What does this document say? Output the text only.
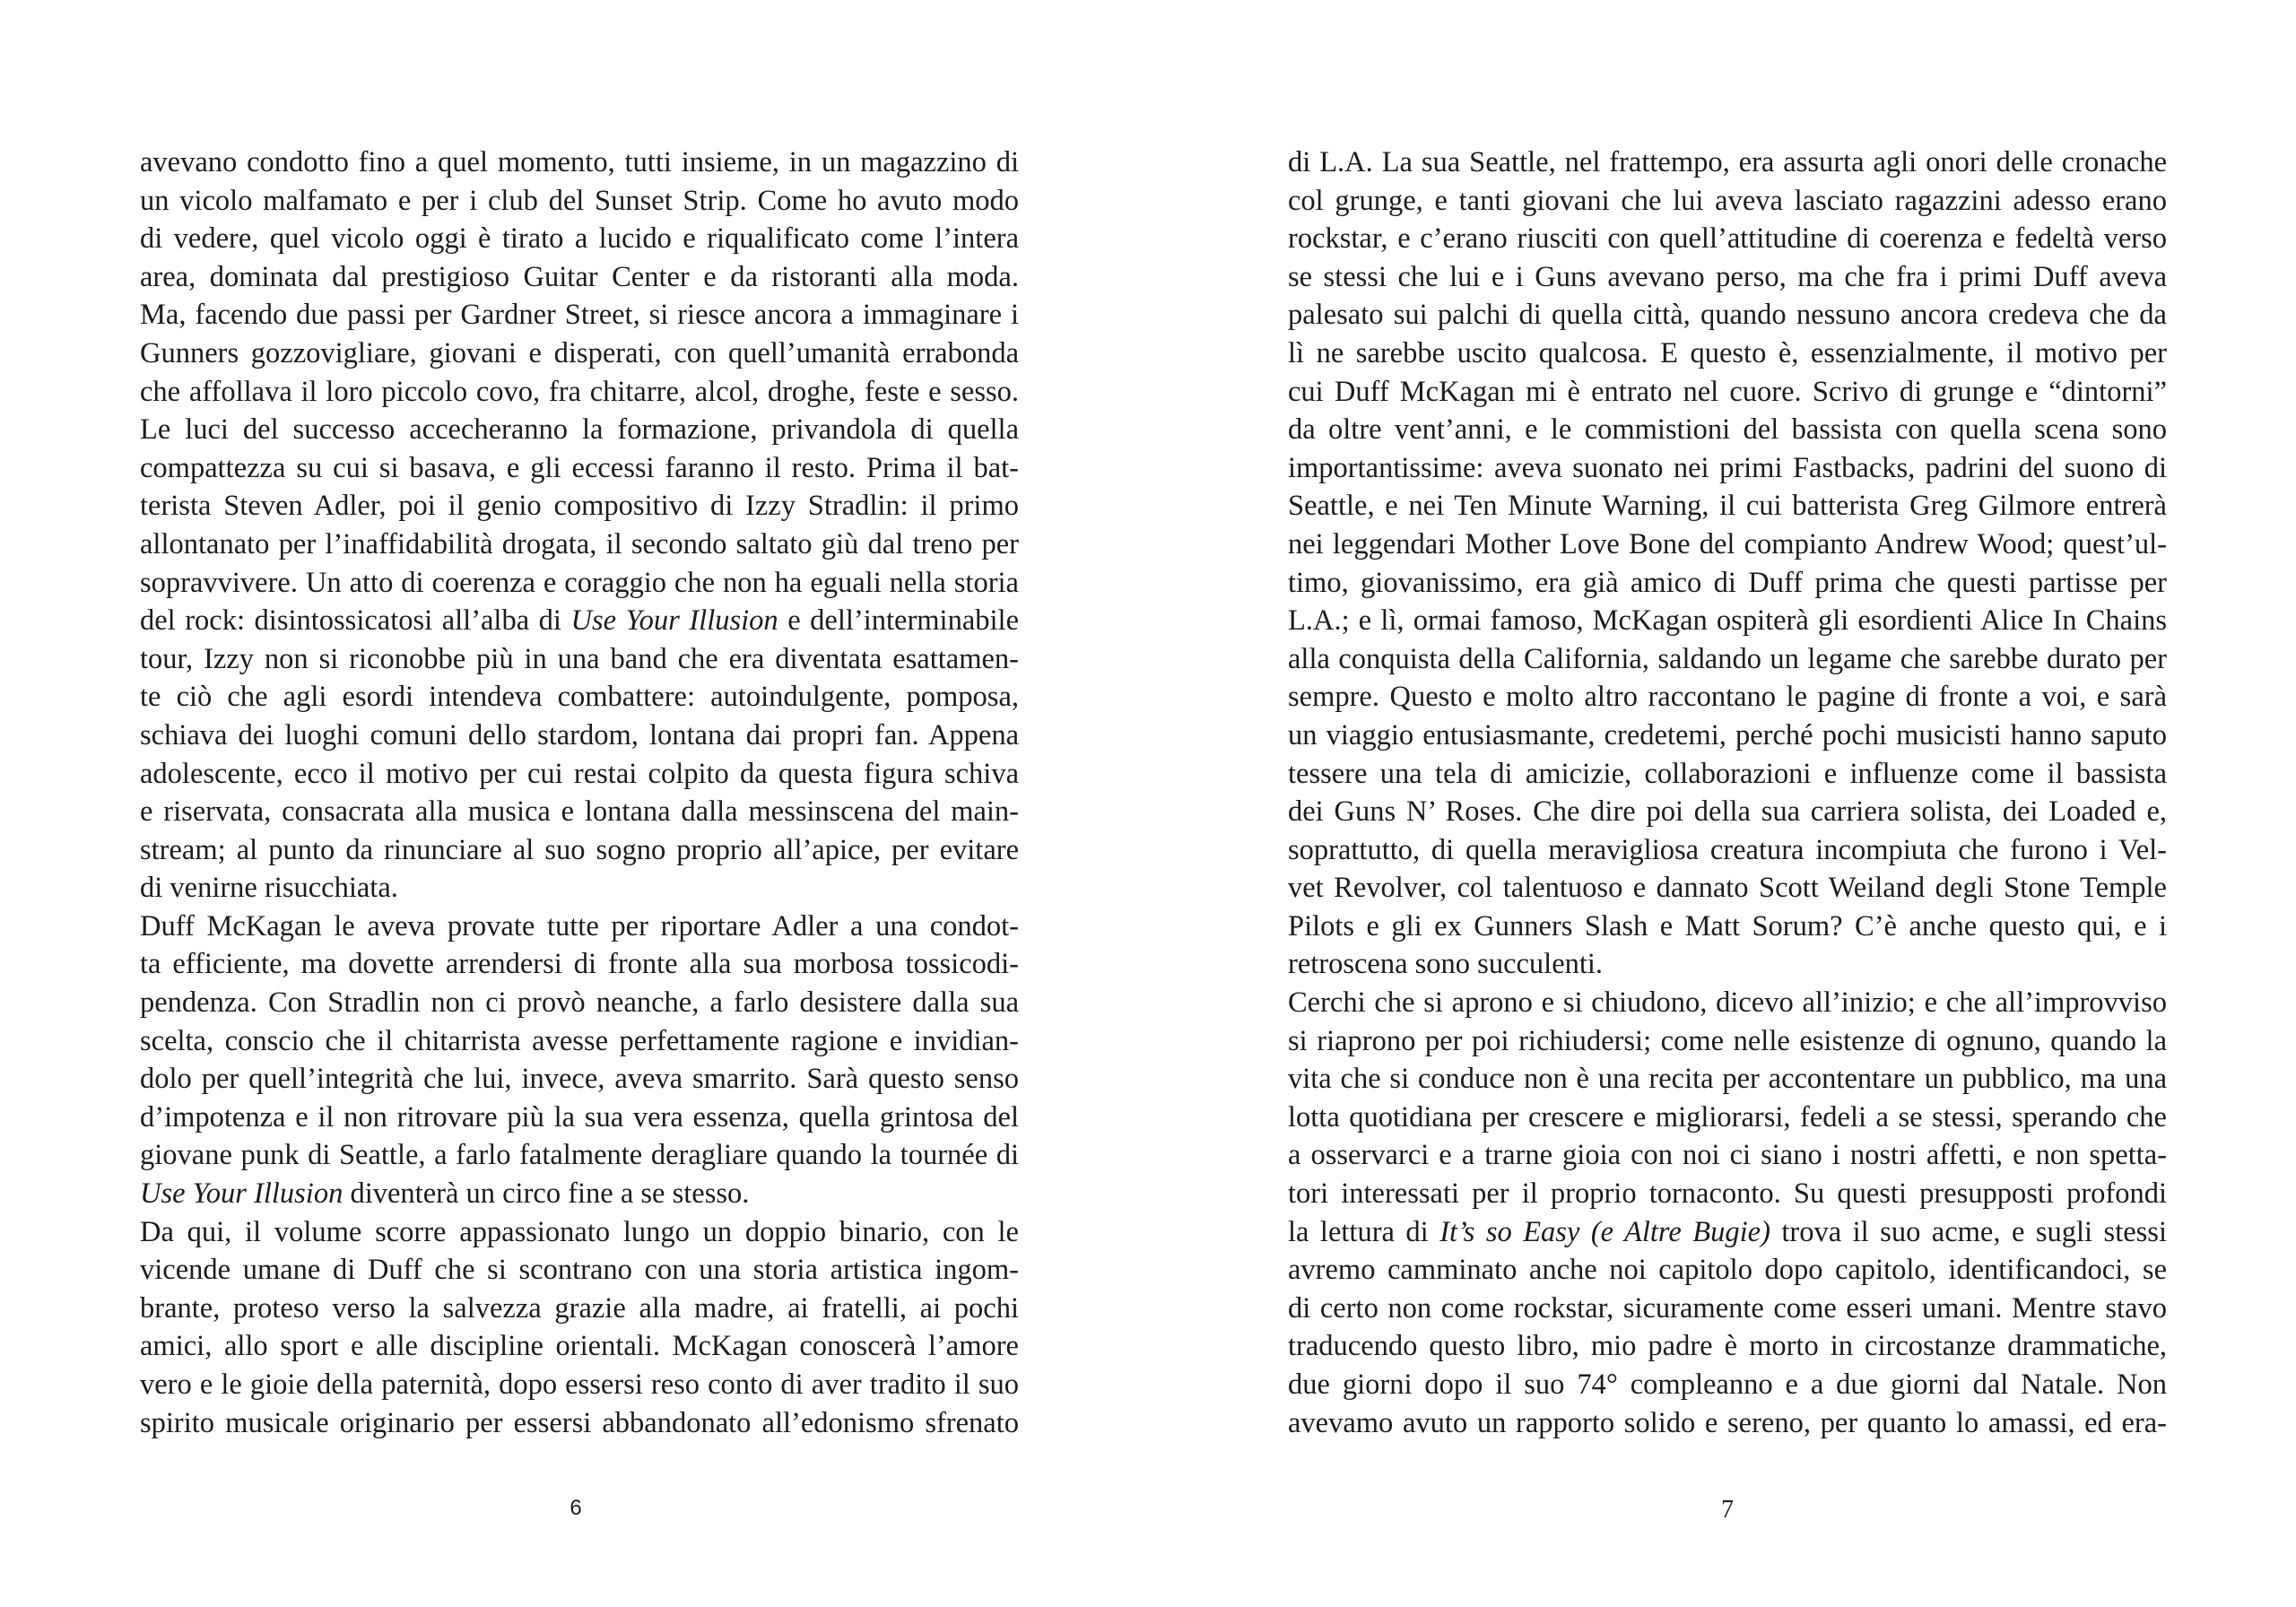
avevano condotto fino a quel momento, tutti insieme, in un magazzino di
un vicolo malfamato e per i club del Sunset Strip. Come ho avuto modo
di vedere, quel vicolo oggi è tirato a lucido e riqualificato come l’intera
area, dominata dal prestigioso Guitar Center e da ristoranti alla moda.
Ma, facendo due passi per Gardner Street, si riesce ancora a immaginare i
Gunners gozzovigliare, giovani e disperati, con quell’umanità errabonda
che affollava il loro piccolo covo, fra chitarre, alcol, droghe, feste e sesso.
Le luci del successo accecheranno la formazione, privandola di quella
compattezza su cui si basava, e gli eccessi faranno il resto. Prima il bat-
terista Steven Adler, poi il genio compositivo di Izzy Stradlin: il primo
allontanato per l’inaffidabilità drogata, il secondo saltato giù dal treno per
sopravvivere. Un atto di coerenza e coraggio che non ha eguali nella storia
del rock: disintossicatosi all’alba di Use Your Illusion e dell’interminabile
tour, Izzy non si riconobbe più in una band che era diventata esattamen-
te ciò che agli esordi intendeva combattere: autoindulgente, pomposa,
schiava dei luoghi comuni dello stardom, lontana dai propri fan. Appena
adolescente, ecco il motivo per cui restai colpito da questa figura schiva
e riservata, consacrata alla musica e lontana dalla messinscena del main-
stream; al punto da rinunciare al suo sogno proprio all’apice, per evitare
di venirne risucchiata.
Duff McKagan le aveva provate tutte per riportare Adler a una condot-
ta efficiente, ma dovette arrendersi di fronte alla sua morbosa tossicodi-
pendenza. Con Stradlin non ci provò neanche, a farlo desistere dalla sua
scelta, conscio che il chitarrista avesse perfettamente ragione e invidian-
dolo per quell’integrità che lui, invece, aveva smarrito. Sarà questo senso
d’impotenza e il non ritrovare più la sua vera essenza, quella grintosa del
giovane punk di Seattle, a farlo fatalmente deragliare quando la tournée di
Use Your Illusion diventerà un circo fine a se stesso.
Da qui, il volume scorre appassionato lungo un doppio binario, con le
vicende umane di Duff che si scontrano con una storia artistica ingom-
brante, proteso verso la salvezza grazie alla madre, ai fratelli, ai pochi
amici, allo sport e alle discipline orientali. McKagan conoscerà l’amore
vero e le gioie della paternità, dopo essersi reso conto di aver tradito il suo
spirito musicale originario per essersi abbandonato all’edonismo sfrenato
6
di L.A. La sua Seattle, nel frattempo, era assurta agli onori delle cronache
col grunge, e tanti giovani che lui aveva lasciato ragazzini adesso erano
rockstar, e c’erano riusciti con quell’attitudine di coerenza e fedeltà verso
se stessi che lui e i Guns avevano perso, ma che fra i primi Duff aveva
palesato sui palchi di quella città, quando nessuno ancora credeva che da
lì ne sarebbe uscito qualcosa. E questo è, essenzialmente, il motivo per
cui Duff McKagan mi è entrato nel cuore. Scrivo di grunge e “dintorni”
da oltre vent’anni, e le commistioni del bassista con quella scena sono
importantissime: aveva suonato nei primi Fastbacks, padrini del suono di
Seattle, e nei Ten Minute Warning, il cui batterista Greg Gilmore entrerà
nei leggendari Mother Love Bone del compianto Andrew Wood; quest’ul-
timo, giovanissimo, era già amico di Duff prima che questi partisse per
L.A.; e lì, ormai famoso, McKagan ospiterà gli esordienti Alice In Chains
alla conquista della California, saldando un legame che sarebbe durato per
sempre. Questo e molto altro raccontano le pagine di fronte a voi, e sarà
un viaggio entusiasmante, credetemi, perché pochi musicisti hanno saputo
tessere una tela di amicizie, collaborazioni e influenze come il bassista
dei Guns N’ Roses. Che dire poi della sua carriera solista, dei Loaded e,
soprattutto, di quella meravigliosa creatura incompiuta che furono i Vel-
vet Revolver, col talentuoso e dannato Scott Weiland degli Stone Temple
Pilots e gli ex Gunners Slash e Matt Sorum? C’è anche questo qui, e i
retroscena sono succulenti.
Cerchi che si aprono e si chiudono, dicevo all’inizio; e che all’improvviso
si riaprono per poi richiudersi; come nelle esistenze di ognuno, quando la
vita che si conduce non è una recita per accontentare un pubblico, ma una
lotta quotidiana per crescere e migliorarsi, fedeli a se stessi, sperando che
a osservarci e a trarne gioia con noi ci siano i nostri affetti, e non spetta-
tori interessati per il proprio tornaconto. Su questi presupposti profondi
la lettura di It’s so Easy (e Altre Bugie) trova il suo acme, e sugli stessi
avremo camminato anche noi capitolo dopo capitolo, identificandoci, se
di certo non come rockstar, sicuramente come esseri umani. Mentre stavo
traducendo questo libro, mio padre è morto in circostanze drammatiche,
due giorni dopo il suo 74° compleanno e a due giorni dal Natale. Non
avevamo avuto un rapporto solido e sereno, per quanto lo amassi, ed era-
7
